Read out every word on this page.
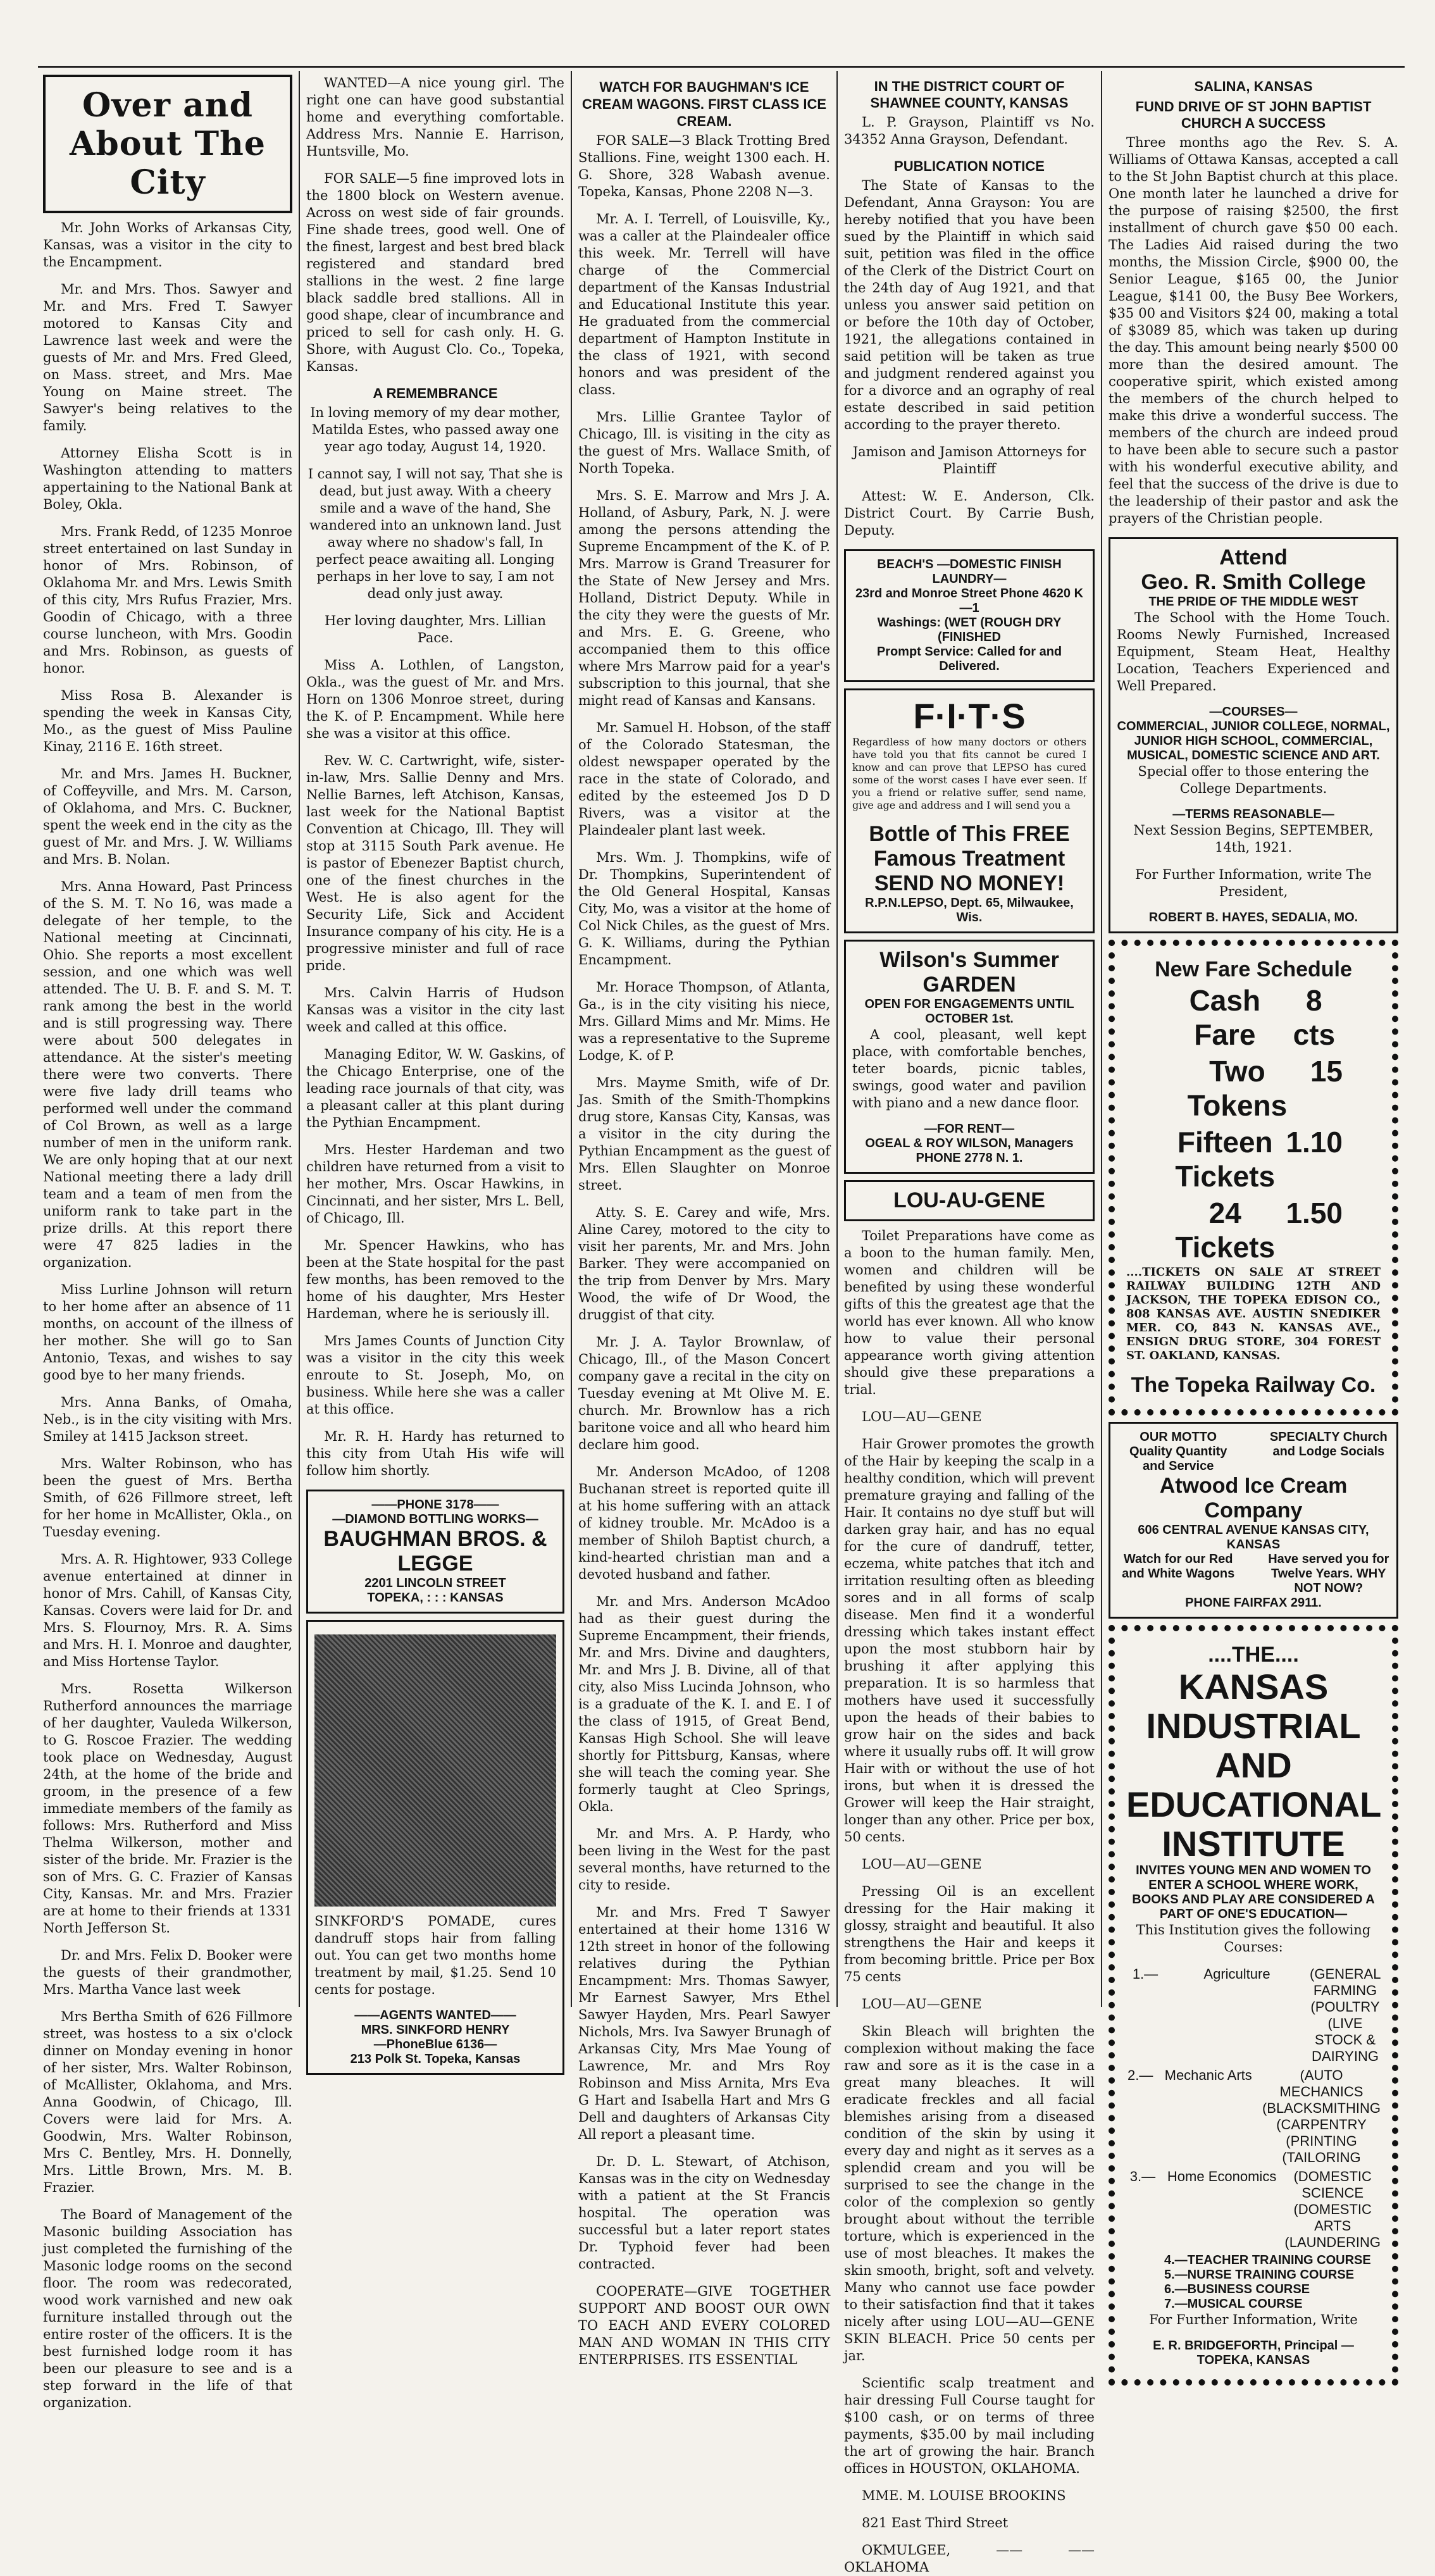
Over and About The City

Mr. John Works of Arkansas City, Kansas, was a visitor in the city to the Encampment.

Mr. and Mrs. Thos. Sawyer and Mr. and Mrs. Fred T. Sawyer motored to Kansas City and Lawrence last week and were the guests of Mr. and Mrs. Fred Gleed, on Mass. street, and Mrs. Mae Young on Maine street. The Sawyer's being relatives to the family.

Attorney Elisha Scott is in Washington attending to matters appertaining to the National Bank at Boley, Okla.

Mrs. Frank Redd, of 1235 Monroe street entertained on last Sunday in honor of Mrs. Robinson, of Oklahoma Mr. and Mrs. Lewis Smith of this city, Mrs Rufus Frazier, Mrs. Goodin of Chicago, with a three course luncheon, with Mrs. Goodin and Mrs. Robinson, as guests of honor.

Miss Rosa B. Alexander is spending the week in Kansas City, Mo., as the guest of Miss Pauline Kinay, 2116 E. 16th street.

Mr. and Mrs. James H. Buckner, of Coffeyville, and Mrs. M. Carson, of Oklahoma, and Mrs. C. Buckner, spent the week end in the city as the guest of Mr. and Mrs. J. W. Williams and Mrs. B. Nolan.

Mrs. Anna Howard, Past Princess of the S. M. T. No 16, was made a delegate of her temple, to the National meeting at Cincinnati, Ohio. She reports a most excellent session, and one which was well attended. The U. B. F. and S. M. T. rank among the best in the world and is still progressing way. There were about 500 delegates in attendance. At the sister's meeting there were two converts. There were five lady drill teams who performed well under the command of Col Brown, as well as a large number of men in the uniform rank. We are only hoping that at our next National meeting there a lady drill team and a team of men from the uniform rank to take part in the prize drills. At this report there were 47 825 ladies in the organization.

Miss Lurline Johnson will return to her home after an absence of 11 months, on account of the illness of her mother. She will go to San Antonio, Texas, and wishes to say good bye to her many friends.

Mrs. Anna Banks, of Omaha, Neb., is in the city visiting with Mrs. Smiley at 1415 Jackson street.

Mrs. Walter Robinson, who has been the guest of Mrs. Bertha Smith, of 626 Fillmore street, left for her home in McAllister, Okla., on Tuesday evening.

Mrs. A. R. Hightower, 933 College avenue entertained at dinner in honor of Mrs. Cahill, of Kansas City, Kansas. Covers were laid for Dr. and Mrs. S. Flournoy, Mrs. R. A. Sims and Mrs. H. I. Monroe and daughter, and Miss Hortense Taylor.

Mrs. Rosetta Wilkerson Rutherford announces the marriage of her daughter, Vauleda Wilkerson, to G. Roscoe Frazier. The wedding took place on Wednesday, August 24th, at the home of the bride and groom, in the presence of a few immediate members of the family as follows: Mrs. Rutherford and Miss Thelma Wilkerson, mother and sister of the bride. Mr. Frazier is the son of Mrs. G. C. Frazier of Kansas City, Kansas. Mr. and Mrs. Frazier are at home to their friends at 1331 North Jefferson St.

Dr. and Mrs. Felix D. Booker were the guests of their grandmother, Mrs. Martha Vance last week

Mrs Bertha Smith of 626 Fillmore street, was hostess to a six o'clock dinner on Monday evening in honor of her sister, Mrs. Walter Robinson, of McAllister, Oklahoma, and Mrs. Anna Goodwin, of Chicago, Ill. Covers were laid for Mrs. A. Goodwin, Mrs. Walter Robinson, Mrs C. Bentley, Mrs. H. Donnelly, Mrs. Little Brown, Mrs. M. B. Frazier.

The Board of Management of the Masonic building Association has just completed the furnishing of the Masonic lodge rooms on the second floor. The room was redecorated, wood work varnished and new oak furniture installed through out the entire roster of the officers. It is the best furnished lodge room it has been our pleasure to see and is a step forward in the life of that organization.

WANTED—A nice young girl. The right one can have good substantial home and everything comfortable. Address Mrs. Nannie E. Harrison, Huntsville, Mo.

FOR SALE—5 fine improved lots in the 1800 block on Western avenue. Across on west side of fair grounds. Fine shade trees, good well. One of the finest, largest and best bred black registered and standard bred stallions in the west. 2 fine large black saddle bred stallions. All in good shape, clear of incumbrance and priced to sell for cash only. H. G. Shore, with August Clo. Co., Topeka, Kansas.

A REMEMBRANCE

In loving memory of my dear mother, Matilda Estes, who passed away one year ago today, August 14, 1920.

I cannot say, I will not say, That she is dead, but just away. With a cheery smile and a wave of the hand, She wandered into an unknown land. Just away where no shadow's fall, In perfect peace awaiting all. Longing perhaps in her love to say, I am not dead only just away.

Her loving daughter, Mrs. Lillian Pace.

Miss A. Lothlen, of Langston, Okla., was the guest of Mr. and Mrs. Horn on 1306 Monroe street, during the K. of P. Encampment. While here she was a visitor at this office.

Rev. W. C. Cartwright, wife, sister-in-law, Mrs. Sallie Denny and Mrs. Nellie Barnes, left Atchison, Kansas, last week for the National Baptist Convention at Chicago, Ill. They will stop at 3115 South Park avenue. He is pastor of Ebenezer Baptist church, one of the finest churches in the West. He is also agent for the Security Life, Sick and Accident Insurance company of his city. He is a progressive minister and full of race pride.

Mrs. Calvin Harris of Hudson Kansas was a visitor in the city last week and called at this office.

Managing Editor, W. W. Gaskins, of the Chicago Enterprise, one of the leading race journals of that city, was a pleasant caller at this plant during the Pythian Encampment.

Mrs. Hester Hardeman and two children have returned from a visit to her mother, Mrs. Oscar Hawkins, in Cincinnati, and her sister, Mrs L. Bell, of Chicago, Ill.

Mr. Spencer Hawkins, who has been at the State hospital for the past few months, has been removed to the home of his daughter, Mrs Hester Hardeman, where he is seriously ill.

Mrs James Counts of Junction City was a visitor in the city this week enroute to St. Joseph, Mo, on business. While here she was a caller at this office.

Mr. R. H. Hardy has returned to this city from Utah His wife will follow him shortly.

——PHONE 3178——
—DIAMOND BOTTLING WORKS—
BAUGHMAN BROS. & LEGGE
2201 LINCOLN STREET
TOPEKA, : : : KANSAS

SINKFORD'S POMADE, cures dandruff stops hair from falling out. You can get two months home treatment by mail, $1.25. Send 10 cents for postage.

——AGENTS WANTED——
MRS. SINKFORD HENRY
—PhoneBlue 6136—
213 Polk St. Topeka, Kansas

WATCH FOR BAUGHMAN'S ICE CREAM WAGONS. FIRST CLASS ICE CREAM.

FOR SALE—3 Black Trotting Bred Stallions. Fine, weight 1300 each. H. G. Shore, 328 Wabash avenue. Topeka, Kansas, Phone 2208 N—3.

Mr. A. I. Terrell, of Louisville, Ky., was a caller at the Plaindealer office this week. Mr. Terrell will have charge of the Commercial department of the Kansas Industrial and Educational Institute this year. He graduated from the commercial department of Hampton Institute in the class of 1921, with second honors and was president of the class.

Mrs. Lillie Grantee Taylor of Chicago, Ill. is visiting in the city as the guest of Mrs. Wallace Smith, of North Topeka.

Mrs. S. E. Marrow and Mrs J. A. Holland, of Asbury, Park, N. J. were among the persons attending the Supreme Encampment of the K. of P. Mrs. Marrow is Grand Treasurer for the State of New Jersey and Mrs. Holland, District Deputy. While in the city they were the guests of Mr. and Mrs. E. G. Greene, who accompanied them to this office where Mrs Marrow paid for a year's subscription to this journal, that she might read of Kansas and Kansans.

Mr. Samuel H. Hobson, of the staff of the Colorado Statesman, the oldest newspaper operated by the race in the state of Colorado, and edited by the esteemed Jos D D Rivers, was a visitor at the Plaindealer plant last week.

Mrs. Wm. J. Thompkins, wife of Dr. Thompkins, Superintendent of the Old General Hospital, Kansas City, Mo, was a visitor at the home of Col Nick Chiles, as the guest of Mrs. G. K. Williams, during the Pythian Encampment.

Mr. Horace Thompson, of Atlanta, Ga., is in the city visiting his niece, Mrs. Gillard Mims and Mr. Mims. He was a representative to the Supreme Lodge, K. of P.

Mrs. Mayme Smith, wife of Dr. Jas. Smith of the Smith-Thompkins drug store, Kansas City, Kansas, was a visitor in the city during the Pythian Encampment as the guest of Mrs. Ellen Slaughter on Monroe street.

Atty. S. E. Carey and wife, Mrs. Aline Carey, motored to the city to visit her parents, Mr. and Mrs. John Barker. They were accompanied on the trip from Denver by Mrs. Mary Wood, the wife of Dr Wood, the druggist of that city.

Mr. J. A. Taylor Brownlaw, of Chicago, Ill., of the Mason Concert company gave a recital in the city on Tuesday evening at Mt Olive M. E. church. Mr. Brownlow has a rich baritone voice and all who heard him declare him good.

Mr. Anderson McAdoo, of 1208 Buchanan street is reported quite ill at his home suffering with an attack of kidney trouble. Mr. McAdoo is a member of Shiloh Baptist church, a kind-hearted christian man and a devoted husband and father.

Mr. and Mrs. Anderson McAdoo had as their guest during the Supreme Encampment, their friends, Mr. and Mrs. Divine and daughters, Mr. and Mrs J. B. Divine, all of that city, also Miss Lucinda Johnson, who is a graduate of the K. I. and E. I of the class of 1915, of Great Bend, Kansas High School. She will leave shortly for Pittsburg, Kansas, where she will teach the coming year. She formerly taught at Cleo Springs, Okla.

Mr. and Mrs. A. P. Hardy, who been living in the West for the past several months, have returned to the city to reside.

Mr. and Mrs. Fred T Sawyer entertained at their home 1316 W 12th street in honor of the following relatives during the Pythian Encampment: Mrs. Thomas Sawyer, Mr Earnest Sawyer, Mrs Ethel Sawyer Hayden, Mrs. Pearl Sawyer Nichols, Mrs. Iva Sawyer Brunagh of Arkansas City, Mrs Mae Young of Lawrence, Mr. and Mrs Roy Robinson and Miss Arnita, Mrs Eva G Hart and Isabella Hart and Mrs G Dell and daughters of Arkansas City All report a pleasant time.

Dr. D. L. Stewart, of Atchison, Kansas was in the city on Wednesday with a patient at the St Francis hospital. The operation was successful but a later report states Dr. Typhoid fever had been contracted.

COOPERATE—GIVE TOGETHER SUPPORT AND BOOST OUR OWN TO EACH AND EVERY COLORED MAN AND WOMAN IN THIS CITY ENTERPRISES. ITS ESSENTIAL

IN THE DISTRICT COURT OF SHAWNEE COUNTY, KANSAS

L. P. Grayson, Plaintiff vs No. 34352 Anna Grayson, Defendant.

PUBLICATION NOTICE

The State of Kansas to the Defendant, Anna Grayson: You are hereby notified that you have been sued by the Plaintiff in which said suit, petition was filed in the office of the Clerk of the District Court on the 24th day of Aug 1921, and that unless you answer said petition on or before the 10th day of October, 1921, the allegations contained in said petition will be taken as true and judgment rendered against you for a divorce and an ography of real estate described in said petition according to the prayer thereto.

Jamison and Jamison Attorneys for Plaintiff

Attest: W. E. Anderson, Clk. District Court. By Carrie Bush, Deputy.

BEACH'S —DOMESTIC FINISH LAUNDRY—
23rd and Monroe Street Phone 4620 K—1
Washings: (WET (ROUGH DRY (FINISHED
Prompt Service: Called for and Delivered.
F·I·T·S

Regardless of how many doctors or others have told you that fits cannot be cured I know and can prove that LEPSO has cured some of the worst cases I have ever seen. If you a friend or relative suffer, send name, give age and address and I will send you a

Bottle of This FREE
Famous Treatment
SEND NO MONEY!
R.P.N.LEPSO, Dept. 65, Milwaukee, Wis.
Wilson's Summer GARDEN
OPEN FOR ENGAGEMENTS UNTIL OCTOBER 1st.

A cool, pleasant, well kept place, with comfortable benches, teter boards, picnic tables, swings, good water and pavilion with piano and a new dance floor.

—FOR RENT—
OGEAL & ROY WILSON, Managers PHONE 2778 N. 1.
LOU-AU-GENE

Toilet Preparations have come as a boon to the human family. Men, women and children will be benefited by using these wonderful gifts of this the greatest age that the world has ever known. All who know how to value their personal appearance worth giving attention should give these preparations a trial.

LOU—AU—GENE

Hair Grower promotes the growth of the Hair by keeping the scalp in a healthy condition, which will prevent premature graying and falling of the Hair. It contains no dye stuff but will darken gray hair, and has no equal for the cure of dandruff, tetter, eczema, white patches that itch and irritation resulting often as bleeding sores and in all forms of scalp disease. Men find it a wonderful dressing which takes instant effect upon the most stubborn hair by brushing it after applying this preparation. It is so harmless that mothers have used it successfully upon the heads of their babies to grow hair on the sides and back where it usually rubs off. It will grow Hair with or without the use of hot irons, but when it is dressed the Grower will keep the Hair straight, longer than any other. Price per box, 50 cents.

LOU—AU—GENE

Pressing Oil is an excellent dressing for the Hair making it glossy, straight and beautiful. It also strengthens the Hair and keeps it from becoming brittle. Price per Box 75 cents

LOU—AU—GENE

Skin Bleach will brighten the complexion without making the face raw and sore as it is the case in a great many bleaches. It will eradicate freckles and all facial blemishes arising from a diseased condition of the skin by using it every day and night as it serves as a splendid cream and you will be surprised to see the change in the color of the complexion so gently brought about without the terrible torture, which is experienced in the use of most bleaches. It makes the skin smooth, bright, soft and velvety. Many who cannot use face powder to their satisfaction find that it takes nicely after using LOU—AU—GENE SKIN BLEACH. Price 50 cents per jar.

Scientific scalp treatment and hair dressing Full Course taught for $100 cash, or on terms of three payments, $35.00 by mail including the art of growing the hair. Branch offices in HOUSTON, OKLAHOMA.

MME. M. LOUISE BROOKINS

821 East Third Street

OKMULGEE, —— —— OKLAHOMA

SALINA, KANSAS
FUND DRIVE OF ST JOHN BAPTIST CHURCH A SUCCESS

Three months ago the Rev. S. A. Williams of Ottawa Kansas, accepted a call to the St John Baptist church at this place. One month later he launched a drive for the purpose of raising $2500, the first installment of church gave $50 00 each. The Ladies Aid raised during the two months, the Mission Circle, $900 00, the Senior League, $165 00, the Junior League, $141 00, the Busy Bee Workers, $35 00 and Visitors $24 00, making a total of $3089 85, which was taken up during the day. This amount being nearly $500 00 more than the desired amount. The cooperative spirit, which existed among the members of the church helped to make this drive a wonderful success. The members of the church are indeed proud to have been able to secure such a pastor with his wonderful executive ability, and feel that the success of the drive is due to the leadership of their pastor and ask the prayers of the Christian people.

Attend
Geo. R. Smith College
THE PRIDE OF THE MIDDLE WEST

The School with the Home Touch. Rooms Newly Furnished, Increased Equipment, Steam Heat, Healthy Location, Teachers Experienced and Well Prepared.

—COURSES—
COMMERCIAL, JUNIOR COLLEGE, NORMAL, JUNIOR HIGH SCHOOL, COMMERCIAL, MUSICAL, DOMESTIC SCIENCE AND ART.

Special offer to those entering the College Departments.

—TERMS REASONABLE—

Next Session Begins, SEPTEMBER, 14th, 1921.

For Further Information, write The President,

ROBERT B. HAYES, SEDALIA, MO.
New Fare Schedule
Cash Fare
8 cts
Two Tokens
15
Fifteen Tickets
1.10
24 Tickets
1.50

....TICKETS ON SALE AT STREET RAILWAY BUILDING 12TH AND JACKSON, THE TOPEKA EDISON CO., 808 KANSAS AVE. AUSTIN SNEDIKER MER. CO, 843 N. KANSAS AVE., ENSIGN DRUG STORE, 304 FOREST ST. OAKLAND, KANSAS.

The Topeka Railway Co.
OUR MOTTO Quality Quantity and Service
SPECIALTY Church and Lodge Socials
Atwood Ice Cream Company
606 CENTRAL AVENUE KANSAS CITY, KANSAS
Watch for our Red and White Wagons
Have served you for Twelve Years. WHY NOT NOW?
PHONE FAIRFAX 2911.
....THE....
KANSAS INDUSTRIAL AND EDUCATIONAL INSTITUTE
INVITES YOUNG MEN AND WOMEN TO ENTER A SCHOOL WHERE WORK, BOOKS AND PLAY ARE CONSIDERED A PART OF ONE'S EDUCATION—

This Institution gives the following Courses:

1.—	Agriculture	(GENERAL FARMING (POULTRY (LIVE STOCK & DAIRYING
2.— Mechanic Arts	(AUTO MECHANICS (BLACKSMITHING (CARPENTRY (PRINTING (TAILORING
3.— Home Economics	(DOMESTIC SCIENCE (DOMESTIC ARTS (LAUNDERING
4.—TEACHER TRAINING COURSE
5.—NURSE TRAINING COURSE
6.—BUSINESS COURSE
7.—MUSICAL COURSE

For Further Information, Write

E. R. BRIDGEFORTH, Principal — TOPEKA, KANSAS
